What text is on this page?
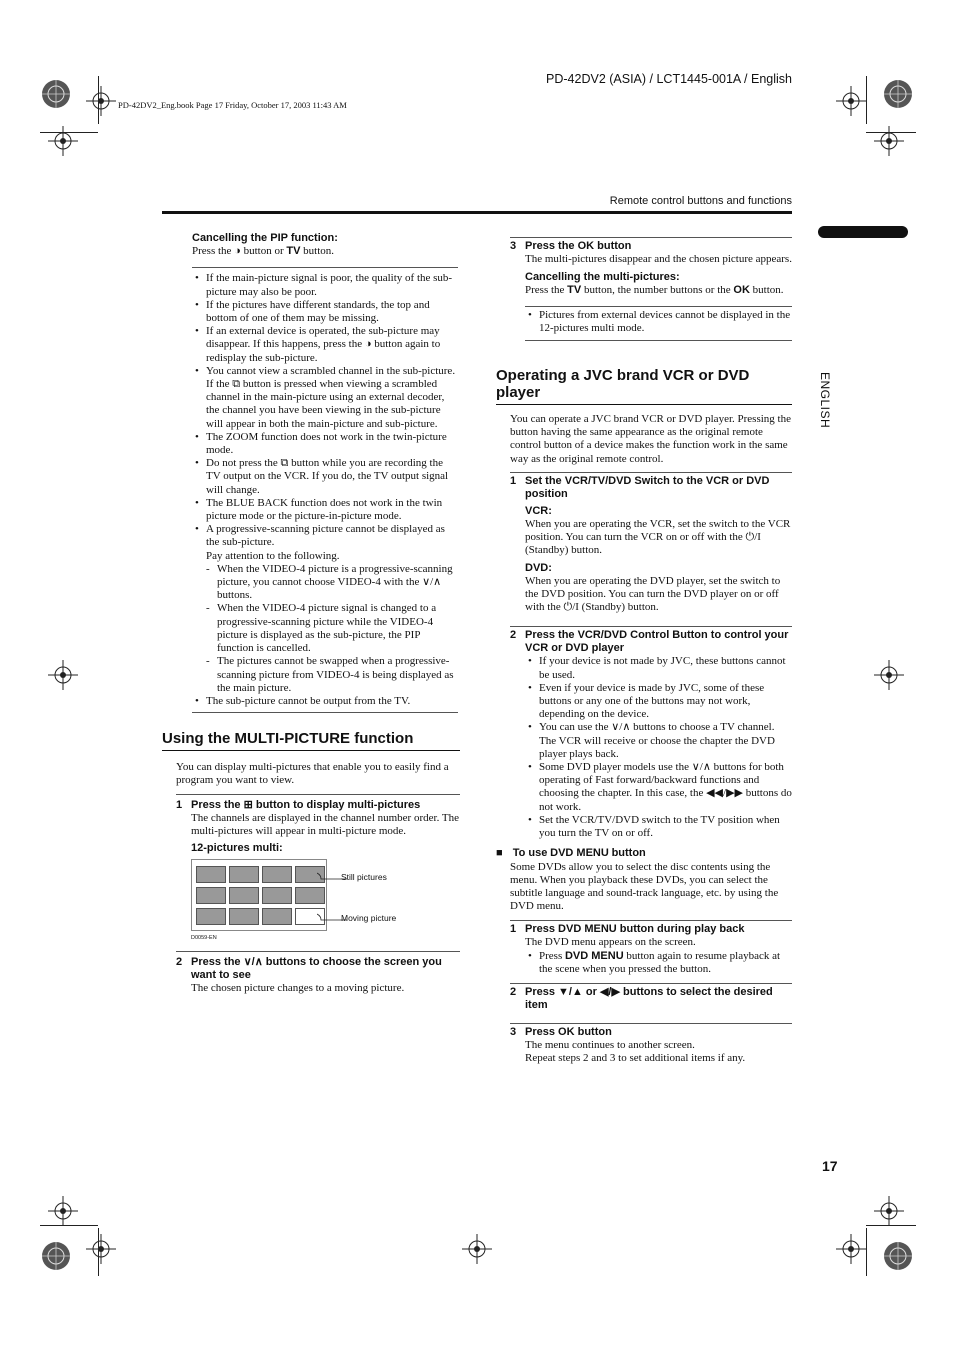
PD-42DV2 (ASIA) / LCT1445-001A / English
PD-42DV2_Eng.book Page 17 Friday, October 17, 2003 11:43 AM
Remote control buttons and functions
ENGLISH
17
Cancelling the PIP function:
Press the ◑ button or TV button.
• If the main-picture signal is poor, the quality of the sub-picture may also be poor.
• If the pictures have different standards, the top and bottom of one of them may be missing.
• If an external device is operated, the sub-picture may disappear. If this happens, press the ◑ button again to redisplay the sub-picture.
• You cannot view a scrambled channel in the sub-picture. If the ⧉ button is pressed when viewing a scrambled channel in the main-picture using an external decoder, the channel you have been viewing in the sub-picture will appear in both the main-picture and sub-picture.
• The ZOOM function does not work in the twin-picture mode.
• Do not press the ⧉ button while you are recording the TV output on the VCR. If you do, the TV output signal will change.
• The BLUE BACK function does not work in the twin picture mode or the picture-in-picture mode.
• A progressive-scanning picture cannot be displayed as the sub-picture.
Pay attention to the following.
- When the VIDEO-4 picture is a progressive-scanning picture, you cannot choose VIDEO-4 with the ∨/∧ buttons.
- When the VIDEO-4 picture signal is changed to a progressive-scanning picture while the VIDEO-4 picture is displayed as the sub-picture, the PIP function is cancelled.
- The pictures cannot be swapped when a progressive-scanning picture from VIDEO-4 is being displayed as the main picture.
• The sub-picture cannot be output from the TV.
Using the MULTI-PICTURE function
You can display multi-pictures that enable you to easily find a program you want to view.
1 Press the ⊞ button to display multi-pictures
The channels are displayed in the channel number order. The multi-pictures will appear in multi-picture mode.
12-pictures multi:
Still pictures
Moving picture
D0059-EN
2 Press the ∨/∧ buttons to choose the screen you want to see
The chosen picture changes to a moving picture.
3 Press the OK button
The multi-pictures disappear and the chosen picture appears.
Cancelling the multi-pictures:
Press the TV button, the number buttons or the OK button.
• Pictures from external devices cannot be displayed in the 12-pictures multi mode.
Operating a JVC brand VCR or DVD player
You can operate a JVC brand VCR or DVD player. Pressing the button having the same appearance as the original remote control button of a device makes the function work in the same way as the original remote control.
1 Set the VCR/TV/DVD Switch to the VCR or DVD position
VCR:
When you are operating the VCR, set the switch to the VCR position. You can turn the VCR on or off with the ⏻/I (Standby) button.
DVD:
When you are operating the DVD player, set the switch to the DVD position. You can turn the DVD player on or off with the ⏻/I (Standby) button.
2 Press the VCR/DVD Control Button to control your VCR or DVD player
• If your device is not made by JVC, these buttons cannot be used.
• Even if your device is made by JVC, some of these buttons or any one of the buttons may not work, depending on the device.
• You can use the ∨/∧ buttons to choose a TV channel. The VCR will receive or choose the chapter the DVD player plays back.
• Some DVD player models use the ∨/∧ buttons for both operating of Fast forward/backward functions and choosing the chapter. In this case, the ◀◀/▶▶ buttons do not work.
• Set the VCR/TV/DVD switch to the TV position when you turn the TV on or off.
■ To use DVD MENU button
Some DVDs allow you to select the disc contents using the menu. When you playback these DVDs, you can select the subtitle language and sound-track language, etc. by using the DVD menu.
1 Press DVD MENU button during play back
The DVD menu appears on the screen.
• Press DVD MENU button again to resume playback at the scene when you pressed the button.
2 Press ▼/▲ or ◀/▶ buttons to select the desired item
3 Press OK button
The menu continues to another screen.
Repeat steps 2 and 3 to set additional items if any.
